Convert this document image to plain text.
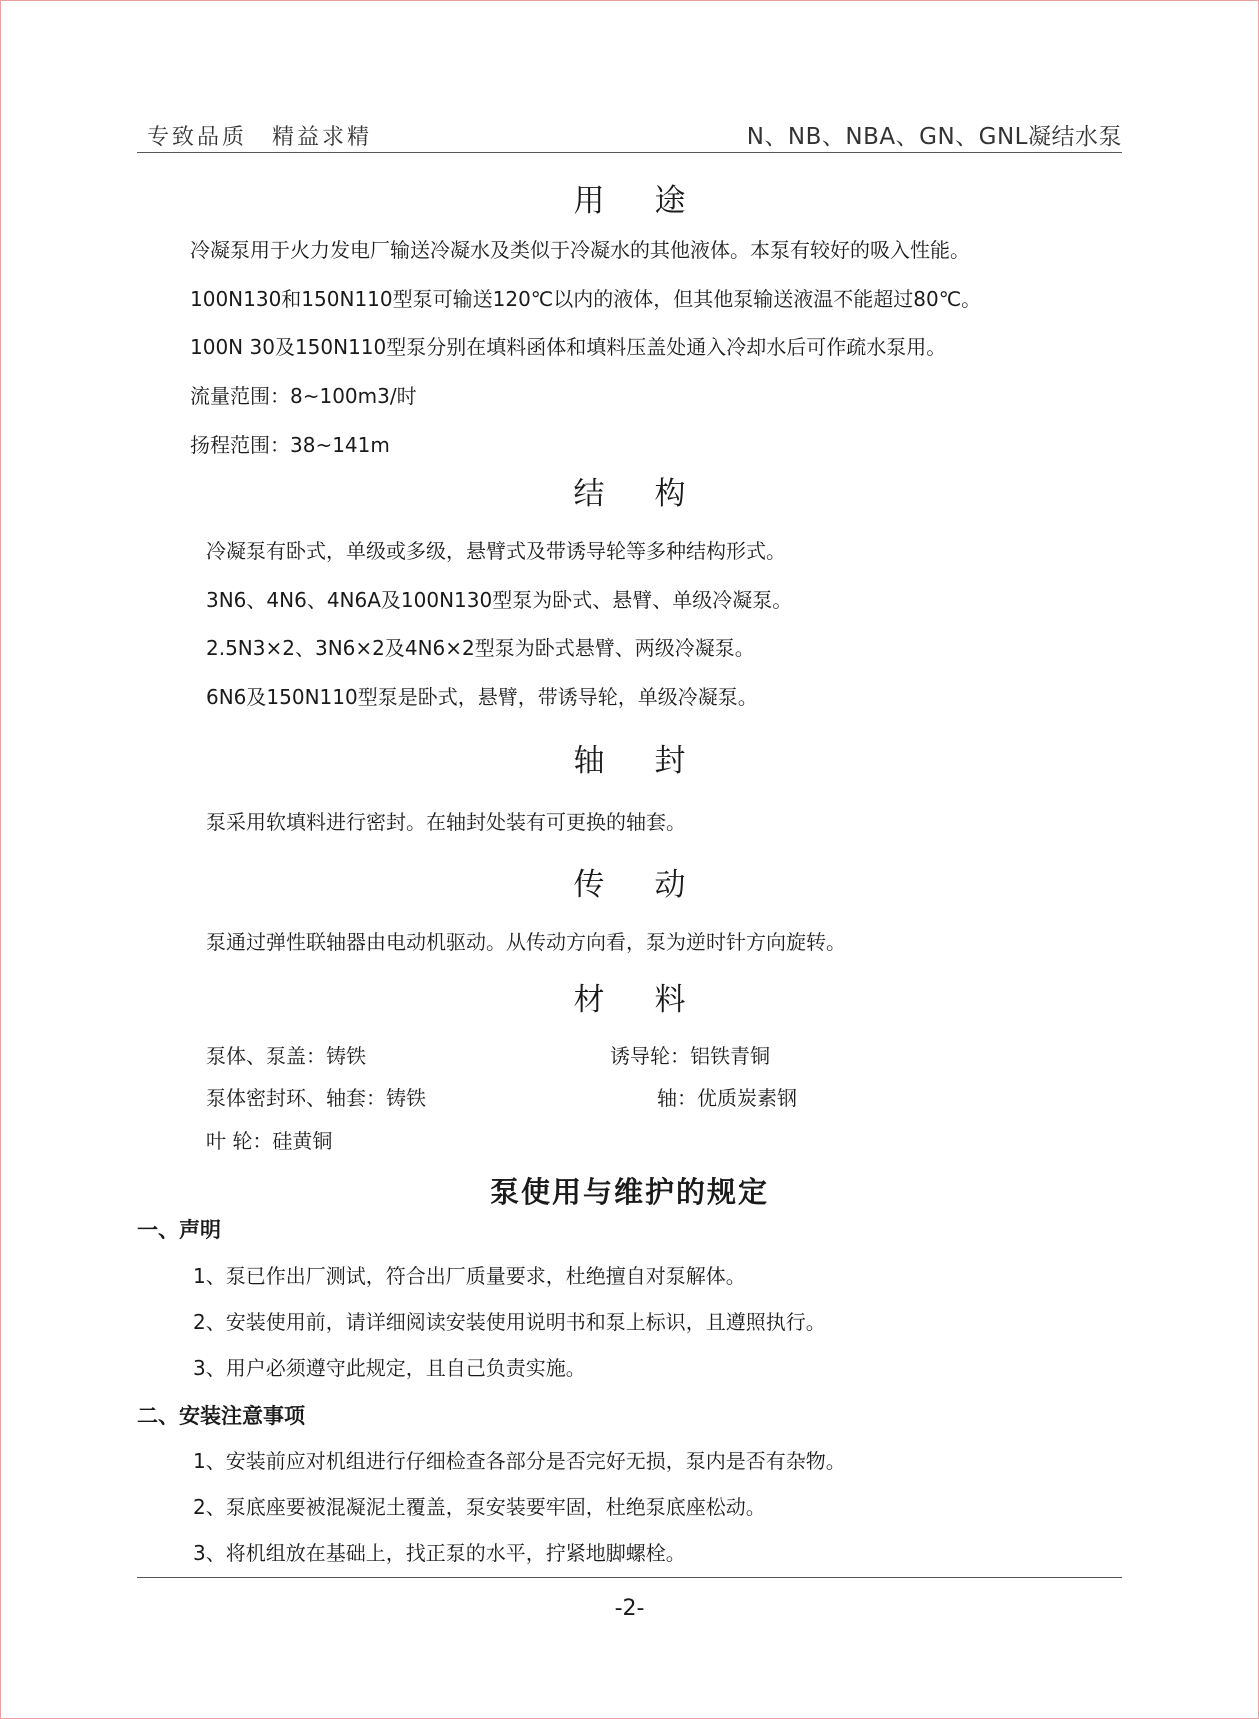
专致品质　精益求精	N、NB、NBA、GN、GNL凝结水泵
用途
冷凝泵用于火力发电厂输送冷凝水及类似于冷凝水的其他液体。本泵有较好的吸入性能。
100N130和150N110型泵可输送120℃以内的液体，但其他泵输送液温不能超过80℃。
100N 30及150N110型泵分别在填料函体和填料压盖处通入冷却水后可作疏水泵用。
流量范围：8~100m3/时
扬程范围：38~141m
结构
冷凝泵有卧式，单级或多级，悬臂式及带诱导轮等多种结构形式。
3N6、4N6、4N6A及100N130型泵为卧式、悬臂、单级冷凝泵。
2.5N3×2、3N6×2及4N6×2型泵为卧式悬臂、两级冷凝泵。
6N6及150N110型泵是卧式，悬臂，带诱导轮，单级冷凝泵。
轴封
泵采用软填料进行密封。在轴封处装有可更换的轴套。
传动
泵通过弹性联轴器由电动机驱动。从传动方向看，泵为逆时针方向旋转。
材料
泵体、泵盖：铸铁
泵体密封环、轴套：铸铁
叶 轮：硅黄铜
诱导轮：铝铁青铜
轴：优质炭素钢
泵使用与维护的规定
一、声明
1、泵已作出厂测试，符合出厂质量要求，杜绝擅自对泵解体。
2、安装使用前，请详细阅读安装使用说明书和泵上标识，且遵照执行。
3、用户必须遵守此规定，且自己负责实施。
二、安装注意事项
1、安装前应对机组进行仔细检查各部分是否完好无损，泵内是否有杂物。
2、泵底座要被混凝泥土覆盖，泵安装要牢固，杜绝泵底座松动。
3、将机组放在基础上，找正泵的水平，拧紧地脚螺栓。
-2-
